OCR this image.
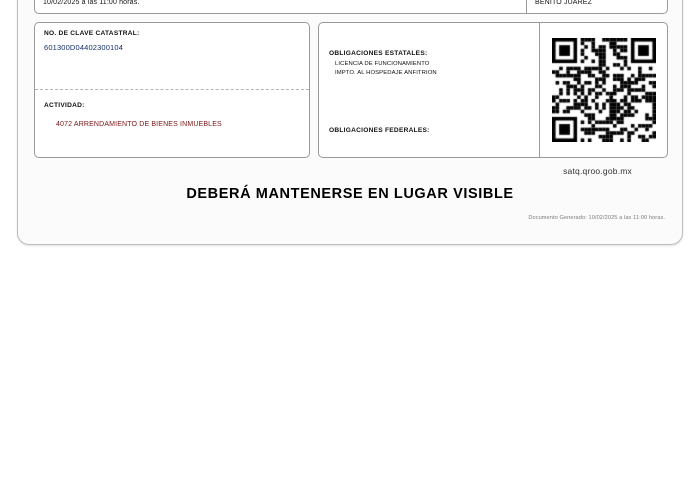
10/02/2025 a las 11:00 horas.	BENITO JUAREZ
NO. DE CLAVE CATASTRAL:
601300D04402300104
ACTIVIDAD:
4072 ARRENDAMIENTO DE BIENES INMUEBLES
OBLIGACIONES ESTATALES:
LICENCIA DE FUNCIONAMIENTO
IMPTO. AL HOSPEDAJE ANFITRION
OBLIGACIONES FEDERALES:
satq.qroo.gob.mx
DEBERÁ MANTENERSE EN LUGAR VISIBLE
Documento Generado: 10/02/2025 a las 11:00 horas.
